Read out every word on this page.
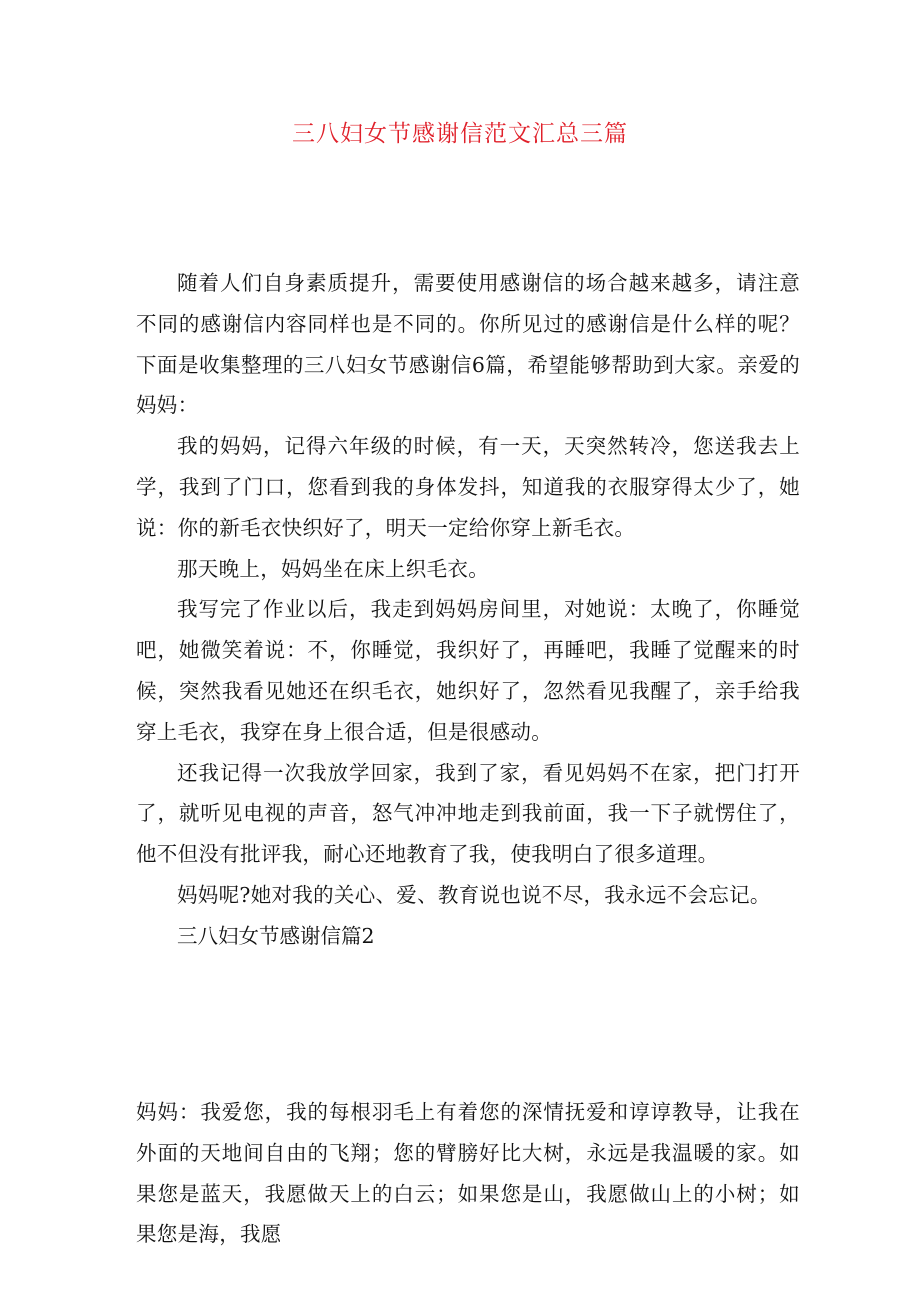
三八妇女节感谢信范文汇总三篇

随着人们自身素质提升，需要使用感谢信的场合越来越多，请注意不同的感谢信内容同样也是不同的。你所见过的感谢信是什么样的呢？下面是收集整理的三八妇女节感谢信6篇，希望能够帮助到大家。亲爱的妈妈：

我的妈妈，记得六年级的时候，有一天，天突然转冷，您送我去上学，我到了门口，您看到我的身体发抖，知道我的衣服穿得太少了，她说：你的新毛衣快织好了，明天一定给你穿上新毛衣。

那天晚上，妈妈坐在床上织毛衣。

我写完了作业以后，我走到妈妈房间里，对她说：太晚了，你睡觉吧，她微笑着说：不，你睡觉，我织好了，再睡吧，我睡了觉醒来的时候，突然我看见她还在织毛衣，她织好了，忽然看见我醒了，亲手给我穿上毛衣，我穿在身上很合适，但是很感动。

还我记得一次我放学回家，我到了家，看见妈妈不在家，把门打开了，就听见电视的声音，怒气冲冲地走到我前面，我一下子就愣住了，他不但没有批评我，耐心还地教育了我，使我明白了很多道理。

妈妈呢?她对我的关心、爱、教育说也说不尽，我永远不会忘记。

三八妇女节感谢信篇2

妈妈：我爱您，我的每根羽毛上有着您的深情抚爱和谆谆教导，让我在外面的天地间自由的飞翔；您的臂膀好比大树，永远是我温暖的家。如果您是蓝天，我愿做天上的白云；如果您是山，我愿做山上的小树；如果您是海，我愿
